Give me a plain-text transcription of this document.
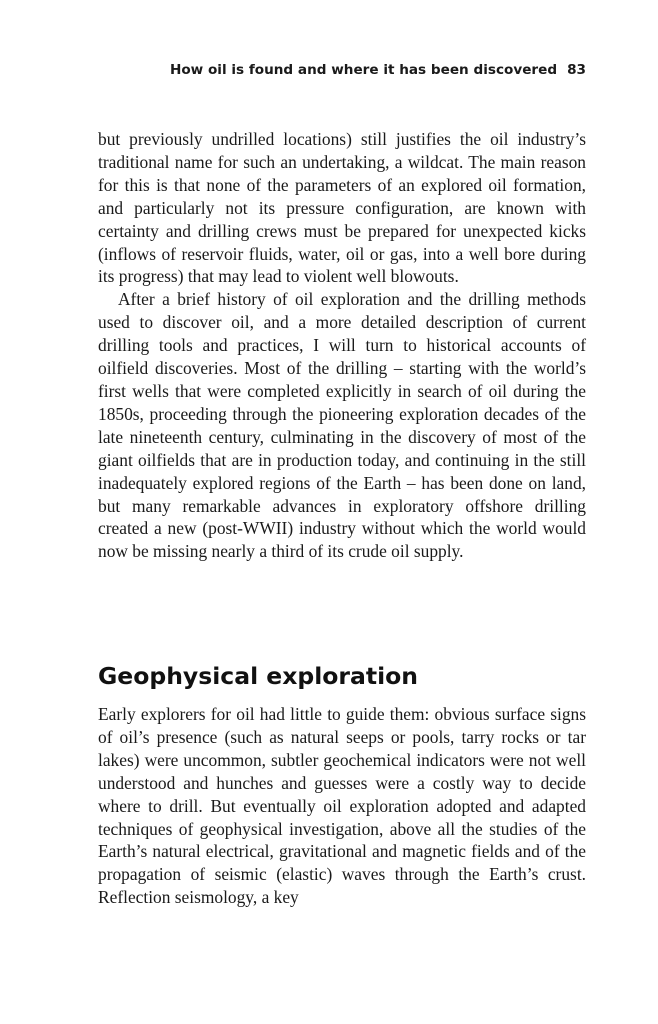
How oil is found and where it has been discovered 83

but previously undrilled locations) still justifies the oil industry’s traditional name for such an undertaking, a wildcat. The main reason for this is that none of the parameters of an explored oil formation, and particularly not its pressure configuration, are known with certainty and drilling crews must be prepared for unexpected kicks (inflows of reservoir fluids, water, oil or gas, into a well bore during its progress) that may lead to violent well blowouts.

After a brief history of oil exploration and the drilling methods used to discover oil, and a more detailed description of current drilling tools and practices, I will turn to historical accounts of oilfield discoveries. Most of the drilling – starting with the world’s first wells that were completed explicitly in search of oil during the 1850s, proceeding through the pioneering exploration decades of the late nineteenth century, culminating in the discovery of most of the giant oilfields that are in production today, and continuing in the still inadequately explored regions of the Earth – has been done on land, but many remarkable advances in exploratory offshore drilling created a new (post-WWII) industry without which the world would now be missing nearly a third of its crude oil supply.

Geophysical exploration

Early explorers for oil had little to guide them: obvious surface signs of oil’s presence (such as natural seeps or pools, tarry rocks or tar lakes) were uncommon, subtler geochemical indicators were not well understood and hunches and guesses were a costly way to decide where to drill. But eventually oil exploration adopted and adapted techniques of geophysical investigation, above all the studies of the Earth’s natural electrical, gravitational and magnetic fields and of the propagation of seismic (elastic) waves through the Earth’s crust. Reflection seismology, a key
